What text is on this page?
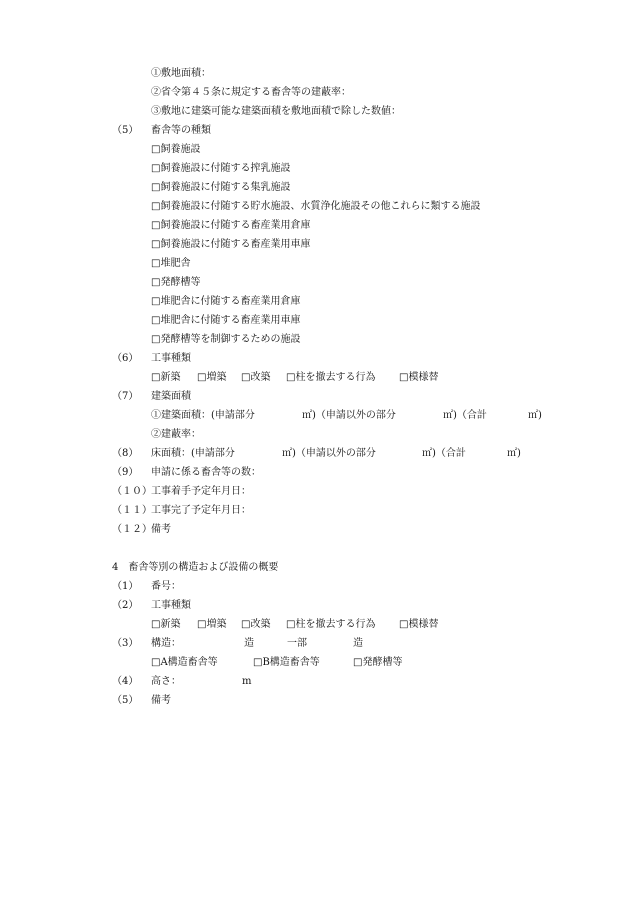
①敷地面積：
②省令第４５条に規定する畜舎等の建蔽率：
③敷地に建築可能な建築面積を敷地面積で除した数値：
（5） 畜舎等の種類
□飼養施設
□飼養施設に付随する搾乳施設
□飼養施設に付随する集乳施設
□飼養施設に付随する貯水施設、水質浄化施設その他これらに類する施設
□飼養施設に付随する畜産業用倉庫
□飼養施設に付随する畜産業用車庫
□堆肥舎
□発酵槽等
□堆肥舎に付随する畜産業用倉庫
□堆肥舎に付随する畜産業用車庫
□発酵槽等を制御するための施設
（6） 工事種類
□新築 □増築 □改築 □柱を撤去する行為 □模様替
（7） 建築面積
①建築面積：(申請部分	㎡)（申請以外の部分	㎡)（合計	㎡)
②建蔽率：
（8） 床面積：(申請部分	㎡)（申請以外の部分	㎡)（合計	㎡)
（9） 申請に係る畜舎等の数：
（１０） 工事着手予定年月日：
（１１） 工事完了予定年月日：
（１２） 備考
4　畜舎等別の構造および設備の概要
（1） 番号：
（2） 工事種類
□新築 □増築 □改築 □柱を撤去する行為 □模様替
（3） 構造：	造	一部	造
□A構造畜舎等	□B構造畜舎等	□発酵槽等
（4） 高さ：	m
（5） 備考
